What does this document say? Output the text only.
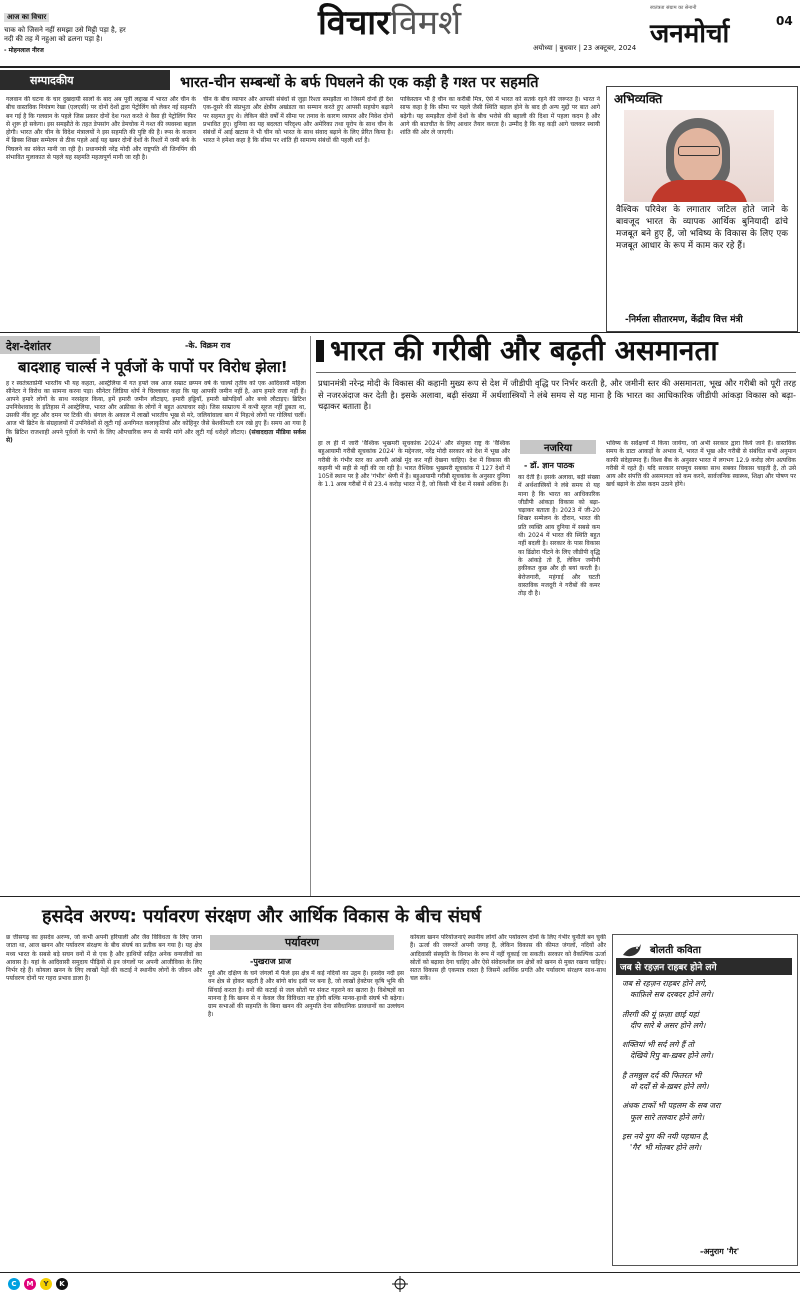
आज का विचार
चाक को जिसने नहीं समझा उसे मिट्टी पड़ा है, हर नदी की तह में नहुआ को ढलना पड़ा है।
- मोहनलाल नीरज
विचारविमर्श
अयोध्या | बुधवार | 23 अक्टूबर, 2024
स्वतंत्रता संग्राम का सेनानी
जनमोर्चा	04
सम्पादकीय	भारत-चीन सम्बन्धों के बर्फ पिघलने की एक कड़ी है गश्त पर सहमति
गलवान की घटना के चार दुखदायी सालों के बाद अब पूर्वी लद्दाख में भारत और चीन के बीच वास्तविक नियंत्रण रेखा (एलएसी) पर दोनों देशों द्वारा पेट्रोलिंग को लेकर नई सहमति बन गई है कि गलवान के पहले जिस प्रकार दोनों देश गश्त करते थे वैसा ही पेट्रोलिंग फिर से शुरू हो सकेगा। इस समझौते के तहत डेपसांग और डेमचोक में गश्त की व्यवस्था बहाल होगी। भारत और चीन के विदेश मंत्रालयों ने इस सहमति की पुष्टि की है। रूस के कजान में ब्रिक्स शिखर सम्मेलन से ठीक पहले आई यह खबर दोनों देशों के रिश्तों में जमी बर्फ के पिघलने का संकेत मानी जा रही है। प्रधानमंत्री नरेंद्र मोदी और राष्ट्रपति शी जिनपिंग की संभावित मुलाकात से पहले यह सहमति महत्वपूर्ण मानी जा रही है।
चीन के बीच व्यापार और आपसी संबंधों से जुड़ा रिश्ता समझौता था जिसमें दोनों ही देश एक-दूसरे की संप्रभुता और क्षेत्रीय अखंडता का सम्मान करते हुए आपसी सहयोग बढ़ाने पर सहमत हुए थे। लेकिन बीते वर्षों में सीमा पर तनाव के कारण व्यापार और निवेश दोनों प्रभावित हुए। दुनिया का यह बदलता परिदृश्य और अमेरिका तथा यूरोप के साथ चीन के संबंधों में आई खटास ने भी चीन को भारत के साथ संवाद बढ़ाने के लिए प्रेरित किया है। भारत ने हमेशा कहा है कि सीमा पर शांति ही सामान्य संबंधों की पहली शर्त है।
पाकिस्तान भी है चीन का करीबी मित्र, ऐसे में भारत को सतर्क रहने की जरूरत है। भारत ने साफ कहा है कि सीमा पर पहले जैसी स्थिति बहाल होने के बाद ही अन्य मुद्दों पर बात आगे बढ़ेगी। यह समझौता दोनों देशों के बीच भरोसे की बहाली की दिशा में पहला कदम है और आगे की बातचीत के लिए आधार तैयार करता है। उम्मीद है कि यह कड़ी आगे चलकर स्थायी शांति की ओर ले जाएगी।
अभिव्यक्ति
वैश्विक परिवेश के लगातार जटिल होते जाने के बावजूद भारत के व्यापक आर्थिक बुनियादी ढांचे मजबूत बने हुए हैं, जो भविष्य के विकास के लिए एक मजबूत आधार के रूप में काम कर रहे हैं।
-निर्मला सीतारमण, केंद्रीय वित्त मंत्री
देश-देशांतर	-के. विक्रम राव
बादशाह चार्ल्स ने पूर्वजों के पापों पर विरोध झेला!
ह र स्वतंत्रताप्रेमी भारतीय भी यह कहता, आस्ट्रेलिया में गत हफ्ते जब आज सम्राट छप्पन वर्ष के चार्ल्स तृतीय को एक आदिवासी महिला सीनेटर ने विरोध का सामना करना पड़ा। सीनेटर लिडिया थोर्प ने चिल्लाकर कहा कि यह आपकी जमीन नहीं है, आप हमारे राजा नहीं हैं। आपने हमारे लोगों के साथ नरसंहार किया, हमें हमारी जमीन लौटाइए, हमारी हड्डियाँ, हमारी खोपड़ियाँ और बच्चे लौटाइए। ब्रिटिश उपनिवेशवाद के इतिहास में आस्ट्रेलिया, भारत और अफ्रीका के लोगों ने बहुत अत्याचार सहे। जिस साम्राज्य में कभी सूरज नहीं डूबता था, उसकी नींव लूट और दमन पर टिकी थी। बंगाल के अकाल में लाखों भारतीय भूख से मरे, जलियांवाला बाग में निहत्थे लोगों पर गोलियां चलीं। आज भी ब्रिटेन के संग्रहालयों में उपनिवेशों से लूटी गई अनगिनत कलाकृतियां और कोहिनूर जैसे बेशकीमती रत्न रखे हुए हैं। समय आ गया है कि ब्रिटिश राजशाही अपने पूर्वजों के पापों के लिए औपचारिक रूप से माफी मांगे और लूटी गई धरोहरें लौटाए। (संवाददाता मीडिया सर्कस से)
भारत की गरीबी और बढ़ती असमानता
प्रधानमंत्री नरेन्द्र मोदी के विकास की कहानी मुख्य रूप से देश में जीडीपी वृद्धि पर निर्भर करती है, और जमीनी स्तर की असमानता, भूख और गरीबी को पूरी तरह से नजरअंदाज कर देती है। इसके अलावा, बढ़ी संख्या में अर्थशास्त्रियों ने लंबे समय से यह माना है कि भारत का आधिकारिक जीडीपी आंकड़ा विकास को बढ़ा-चढ़ाकर बताता है।
नजरिया
- डॉ. ज्ञान पाठक
हा ल ही में जारी 'वैश्विक भुखमरी सूचकांक 2024' और संयुक्त राष्ट्र के 'वैश्विक बहुआयामी गरीबी सूचकांक 2024' के मद्देनजर, नरेंद्र मोदी सरकार को देश में भूख और गरीबी के गंभीर स्तर का अपनी आंखें मूंद कर नहीं देखना चाहिए। देश में विकास की कहानी भी सही से नहीं की जा रही है। भारत वैश्विक भुखमरी सूचकांक में 127 देशों में 105वें स्थान पर है और 'गंभीर' श्रेणी में है। बहुआयामी गरीबी सूचकांक के अनुसार दुनिया के 1.1 अरब गरीबों में से 23.4 करोड़ भारत में हैं, जो किसी भी देश में सबसे अधिक है।
का देती है। इसके अलावा, बढ़ी संख्या में अर्थशास्त्रियों ने लंबे समय से यह माना है कि भारत का आधिकारिक जीडीपी आंकड़ा विकास को बढ़ा-चढ़ाकर बताता है। 2023 में जी-20 शिखर सम्मेलन के दौरान, भारत की प्रति व्यक्ति आय दुनिया में सबसे कम थी। 2024 में भारत की स्थिति बहुत नहीं बदली है। सरकार के पास विकास का ढिंढोरा पीटने के लिए जीडीपी वृद्धि के आंकड़े तो हैं, लेकिन जमीनी हकीकत कुछ और ही बयां करती है। बेरोजगारी, महंगाई और घटती वास्तविक मजदूरी ने गरीबों की कमर तोड़ दी है।
भविष्य के सर्वेक्षणों में किया जायेगा, जो अभी सरकार द्वारा किये जाने हैं। वास्तविक समय के डाटा आकड़ों के अभाव में, भारत में भूख और गरीबी से संबंधित सभी अनुमान काफी संदेहास्पद हैं। विश्व बैंक के अनुसार भारत में लगभग 12.9 करोड़ लोग अत्यधिक गरीबी में रहते हैं। यदि सरकार सचमुच सबका साथ सबका विकास चाहती है, तो उसे आय और संपत्ति की असमानता को कम करने, सार्वजनिक स्वास्थ्य, शिक्षा और पोषण पर खर्च बढ़ाने के ठोस कदम उठाने होंगे।
हसदेव अरण्य: पर्यावरण संरक्षण और आर्थिक विकास के बीच संघर्ष
पर्यावरण
-पुखराज प्राज
छ त्तीसगढ़ का हसदेव अरण्य, जो कभी अपनी हरियाली और जैव विविधता के लिए जाना जाता था, आज खनन और पर्यावरण संरक्षण के बीच संघर्ष का प्रतीक बन गया है। यह क्षेत्र मध्य भारत के सबसे बड़े सघन वनों में से एक है और हाथियों सहित अनेक वन्यजीवों का आवास है। यहां के आदिवासी समुदाय पीढ़ियों से इन जंगलों पर अपनी आजीविका के लिए निर्भर रहे हैं। कोयला खनन के लिए लाखों पेड़ों की कटाई ने स्थानीय लोगों के जीवन और पर्यावरण दोनों पर गहरा प्रभाव डाला है।
पूर्व और दक्षिण के घने जंगलों में फैले इस क्षेत्र में कई नदियों का उद्गम है। हसदेव नदी इस वन क्षेत्र से होकर बहती है और बांगो बांध इसी पर बना है, जो लाखों हेक्टेयर कृषि भूमि की सिंचाई करता है। वनों की कटाई से जल स्रोतों पर संकट गहराने का खतरा है। विशेषज्ञों का मानना है कि खनन से न केवल जैव विविधता नष्ट होगी बल्कि मानव-हाथी संघर्ष भी बढ़ेगा। ग्राम सभाओं की सहमति के बिना खनन की अनुमति देना संवैधानिक प्रावधानों का उल्लंघन है।
कोयला खनन परियोजनाएं स्थानीय लोगों और पर्यावरण दोनों के लिए गंभीर चुनौती बन चुकी हैं। ऊर्जा की जरूरतें अपनी जगह हैं, लेकिन विकास की कीमत जंगलों, नदियों और आदिवासी संस्कृति के विनाश के रूप में नहीं चुकाई जा सकती। सरकार को वैकल्पिक ऊर्जा स्रोतों को बढ़ावा देना चाहिए और ऐसे संवेदनशील वन क्षेत्रों को खनन से मुक्त रखना चाहिए। सतत विकास ही एकमात्र रास्ता है जिसमें आर्थिक प्रगति और पर्यावरण संरक्षण साथ-साथ चल सकें।
बोलती कविता
जब से रहज़न राहबर होने लगे
जब से रहज़न राहबर होने लगे,
काफ़िले सब दरबदर होने लगे।
तीरगी की यूं फ़ज़ा छाई यहां
दीप सारे बे असर होने लगे।
शक्तियां भी सर्द लगे हैं तो
देखिये रिपु बा-ख़बर होने लगे।
है तमन्नुल दर्द की फितरत भी
वो दर्दों से बे-ख़बर होने लगे।
अंधक टाकों भी पहलम के सब जरा
फूल सारे तलवार होने लगे।
इस नये युग की नयी पहचान है,
'गैर' भी मोतबर होने लगे।
-अनुराग 'गैर'
C	M	Y	K
